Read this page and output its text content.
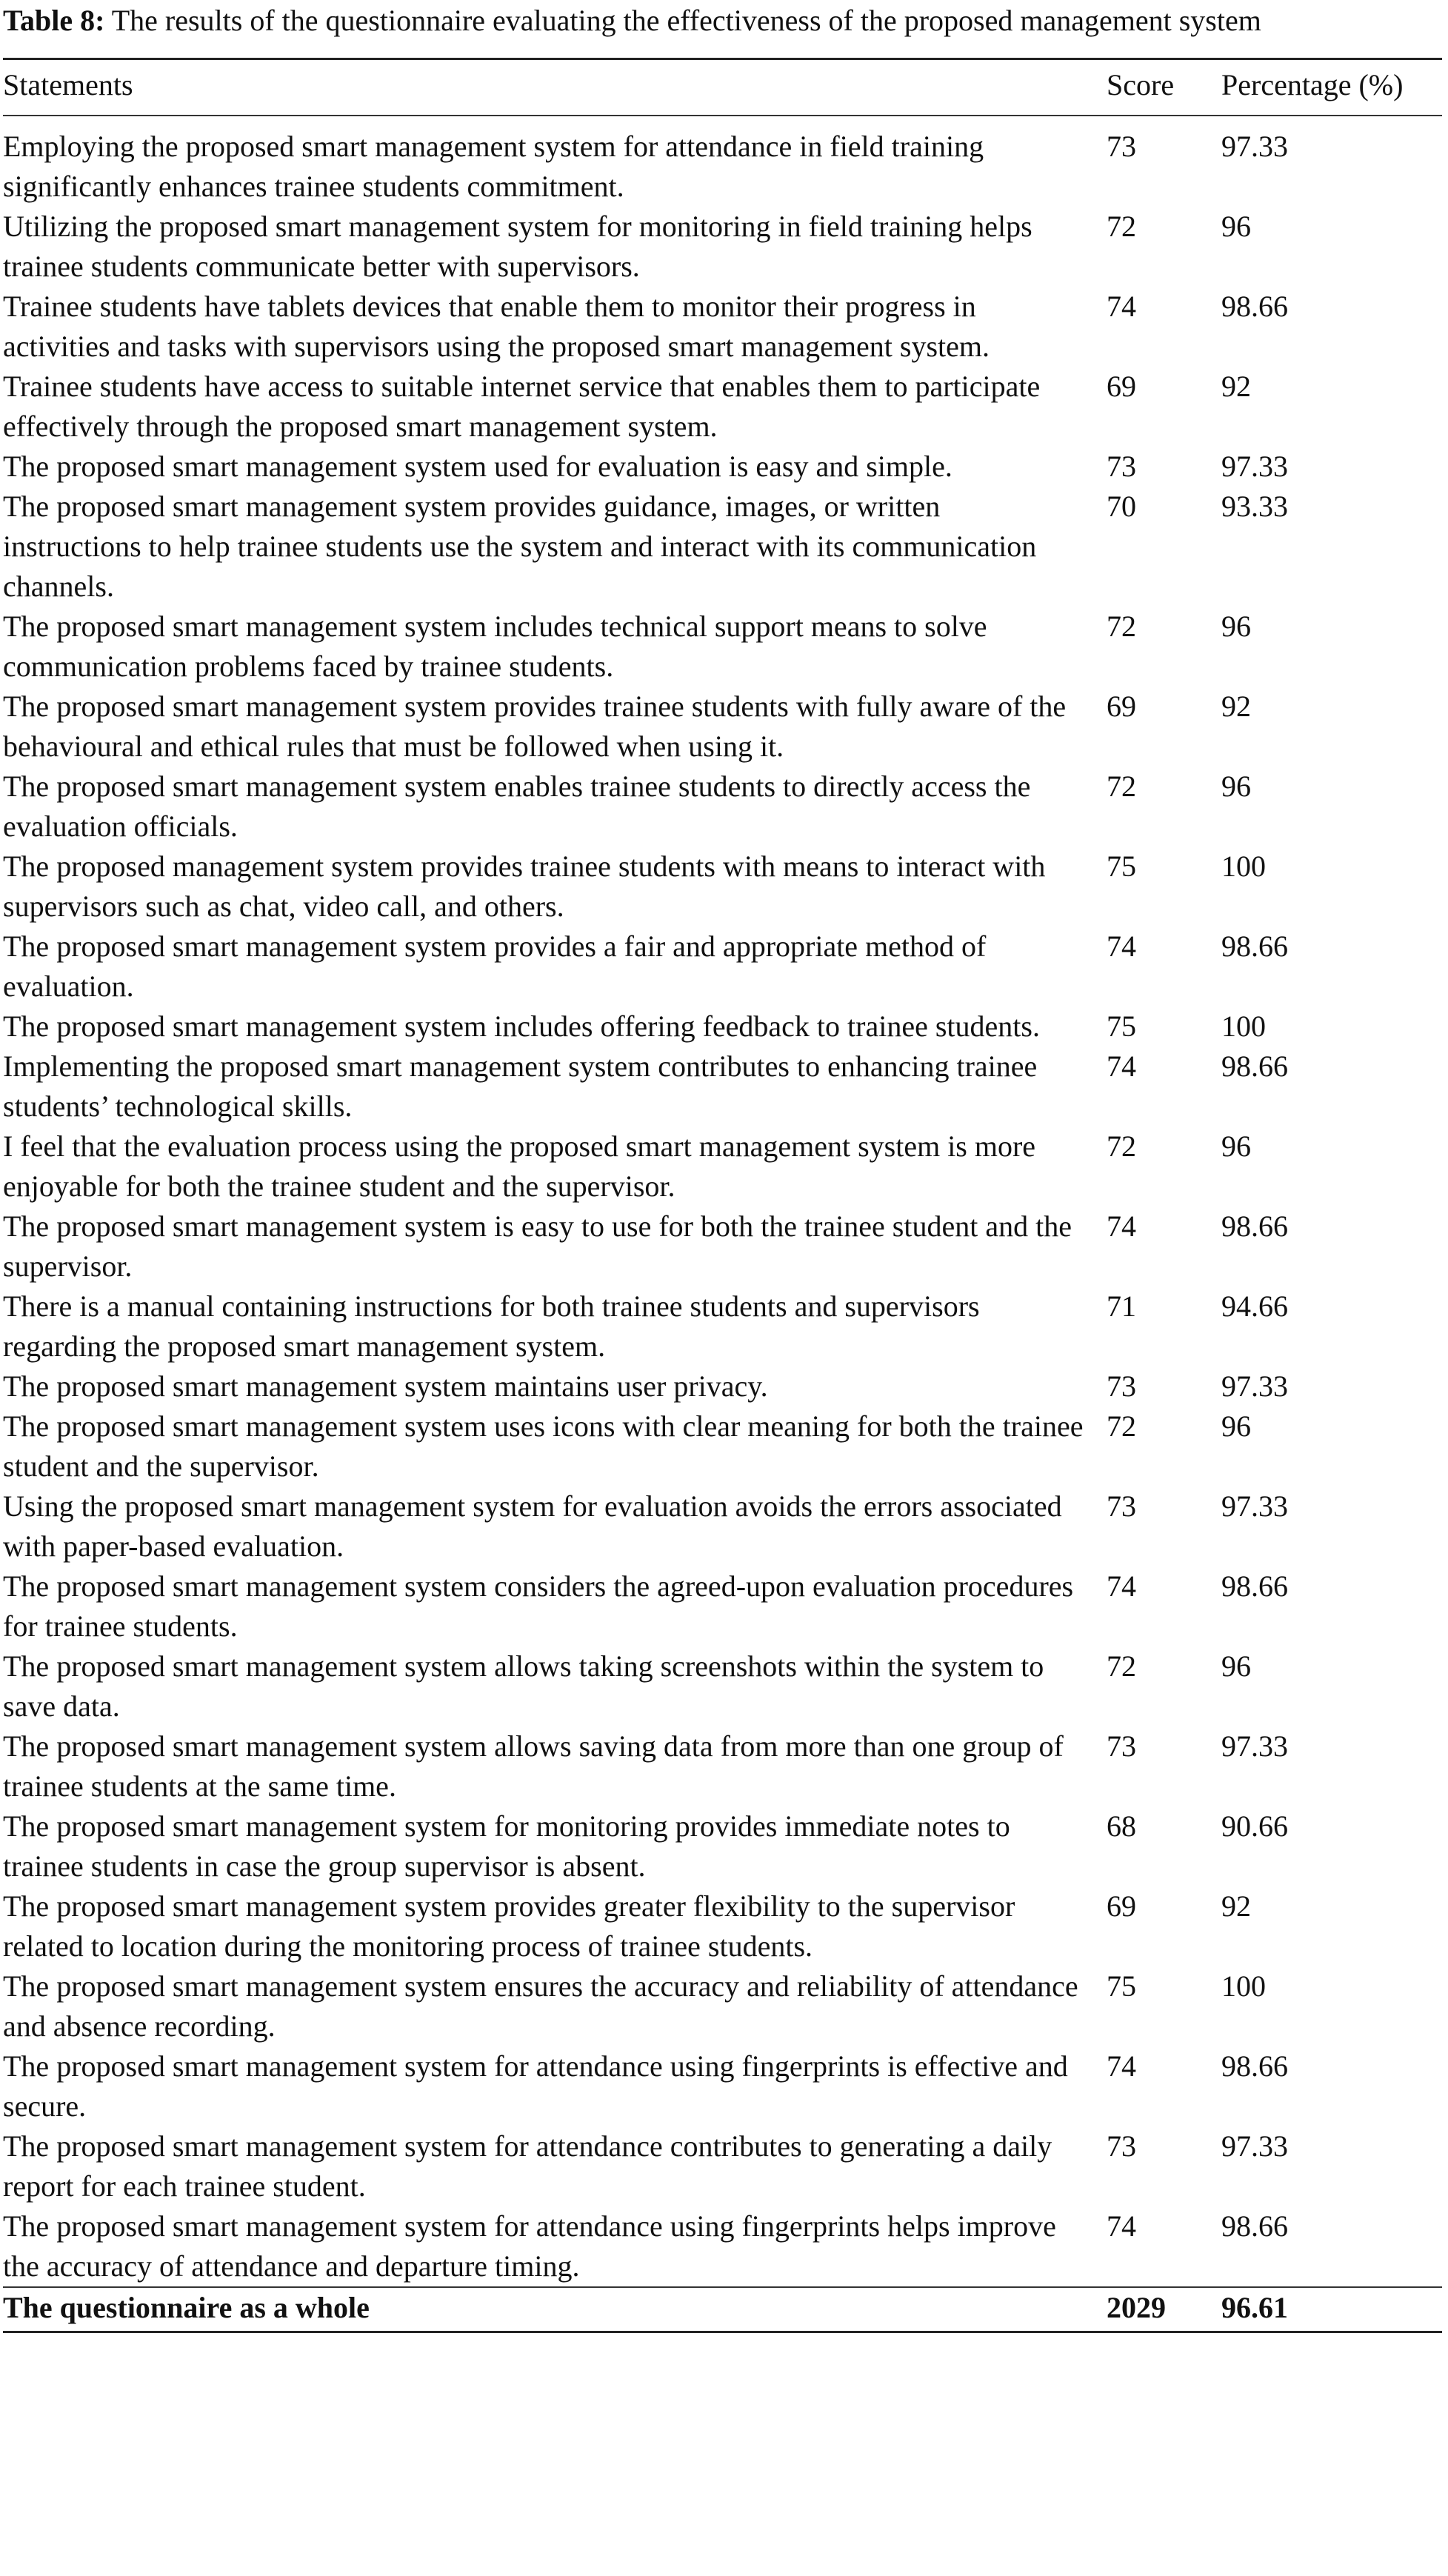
Table 8: The results of the questionnaire evaluating the effectiveness of the proposed management system
Statements	Score	Percentage (%)
Employing the proposed smart management system for attendance in field training significantly enhances trainee students commitment.	73	97.33
Utilizing the proposed smart management system for monitoring in field training helps trainee students communicate better with supervisors.	72	96
Trainee students have tablets devices that enable them to monitor their progress in activities and tasks with supervisors using the proposed smart management system.	74	98.66
Trainee students have access to suitable internet service that enables them to participate effectively through the proposed smart management system.	69	92
The proposed smart management system used for evaluation is easy and simple.	73	97.33
The proposed smart management system provides guidance, images, or written instructions to help trainee students use the system and interact with its communication channels.	70	93.33
The proposed smart management system includes technical support means to solve communication problems faced by trainee students.	72	96
The proposed smart management system provides trainee students with fully aware of the behavioural and ethical rules that must be followed when using it.	69	92
The proposed smart management system enables trainee students to directly access the evaluation officials.	72	96
The proposed management system provides trainee students with means to interact with supervisors such as chat, video call, and others.	75	100
The proposed smart management system provides a fair and appropriate method of evaluation.	74	98.66
The proposed smart management system includes offering feedback to trainee students.	75	100
Implementing the proposed smart management system contributes to enhancing trainee students’ technological skills.	74	98.66
I feel that the evaluation process using the proposed smart management system is more enjoyable for both the trainee student and the supervisor.	72	96
The proposed smart management system is easy to use for both the trainee student and the supervisor.	74	98.66
There is a manual containing instructions for both trainee students and supervisors regarding the proposed smart management system.	71	94.66
The proposed smart management system maintains user privacy.	73	97.33
The proposed smart management system uses icons with clear meaning for both the trainee student and the supervisor.	72	96
Using the proposed smart management system for evaluation avoids the errors associated with paper-based evaluation.	73	97.33
The proposed smart management system considers the agreed-upon evaluation procedures for trainee students.	74	98.66
The proposed smart management system allows taking screenshots within the system to save data.	72	96
The proposed smart management system allows saving data from more than one group of trainee students at the same time.	73	97.33
The proposed smart management system for monitoring provides immediate notes to trainee students in case the group supervisor is absent.	68	90.66
The proposed smart management system provides greater flexibility to the supervisor related to location during the monitoring process of trainee students.	69	92
The proposed smart management system ensures the accuracy and reliability of attendance and absence recording.	75	100
The proposed smart management system for attendance using fingerprints is effective and secure.	74	98.66
The proposed smart management system for attendance contributes to generating a daily report for each trainee student.	73	97.33
The proposed smart management system for attendance using fingerprints helps improve the accuracy of attendance and departure timing.	74	98.66
The questionnaire as a whole	2029	96.61
